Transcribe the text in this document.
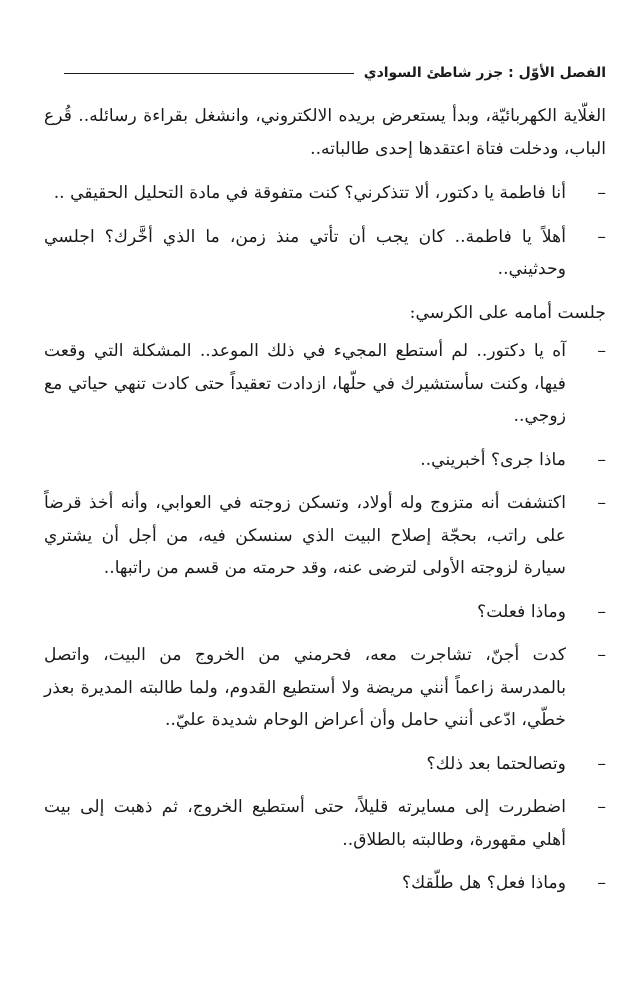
الفصل الأوّل : جزر شاطئ السوادي

الغلّاية الكهربائيّة، وبدأ يستعرض بريده الالكتروني، وانشغل بقراءة رسائله.. قُرع الباب، ودخلت فتاة اعتقدها إحدى طالباته..

–
أنا فاطمة يا دكتور، ألا تتذكرني؟ كنت متفوقة في مادة التحليل الحقيقي ..
–
أهلاً يا فاطمة.. كان يجب أن تأتي منذ زمن، ما الذي أخَّرك؟ اجلسي وحدثيني..

جلست أمامه على الكرسي:

–
آه يا دكتور.. لم أستطع المجيء في ذلك الموعد.. المشكلة التي وقعت فيها، وكنت سأستشيرك في حلّها، ازدادت تعقيداً حتى كادت تنهي حياتي مع زوجي..
–
ماذا جرى؟ أخبريني..
–
اكتشفت أنه متزوج وله أولاد، وتسكن زوجته في العوابي، وأنه أخذ قرضاً على راتب، بحجّة إصلاح البيت الذي سنسكن فيه، من أجل أن يشتري سيارة لزوجته الأولى لترضى عنه، وقد حرمته من قسم من راتبها..
–
وماذا فعلت؟
–
كدت أجنّ، تشاجرت معه، فحرمني من الخروج من البيت، واتصل بالمدرسة زاعماً أنني مريضة ولا أستطيع القدوم، ولما طالبته المديرة بعذر خطّي، ادّعى أنني حامل وأن أعراض الوحام شديدة عليّ..
–
وتصالحتما بعد ذلك؟
–
اضطررت إلى مسايرته قليلاً، حتى أستطيع الخروج، ثم ذهبت إلى بيت أهلي مقهورة، وطالبته بالطلاق..
–
وماذا فعل؟ هل طلّقك؟
